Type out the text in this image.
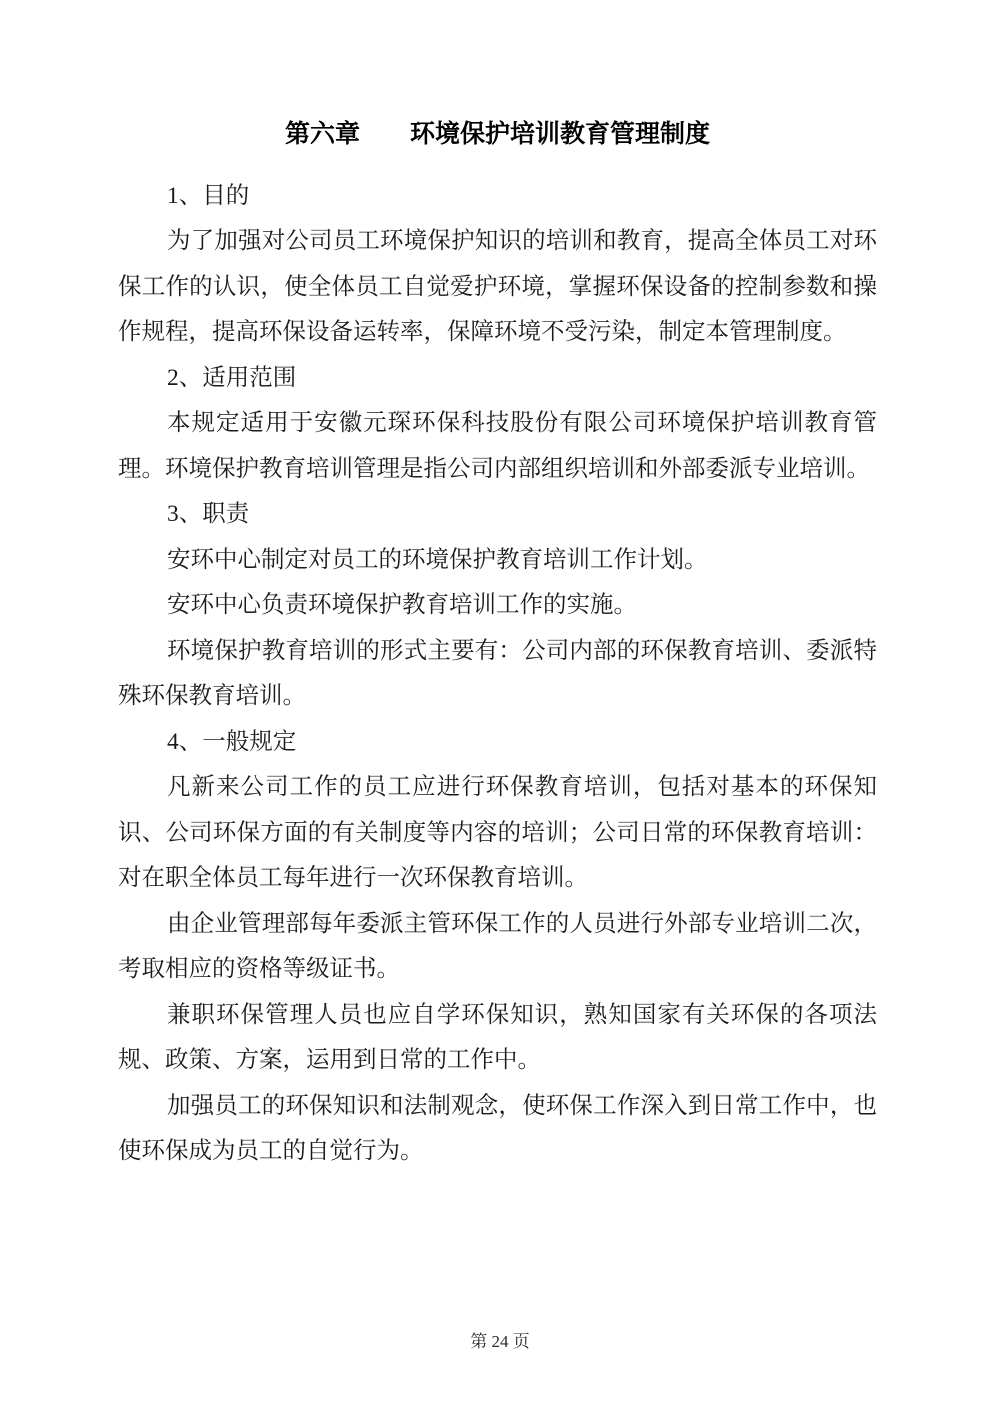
第六章 环境保护培训教育管理制度

1、目的

为了加强对公司员工环境保护知识的培训和教育，提高全体员工对环保工作的认识，使全体员工自觉爱护环境，掌握环保设备的控制参数和操作规程，提高环保设备运转率，保障环境不受污染，制定本管理制度。

2、适用范围

本规定适用于安徽元琛环保科技股份有限公司环境保护培训教育管理。环境保护教育培训管理是指公司内部组织培训和外部委派专业培训。

3、职责

安环中心制定对员工的环境保护教育培训工作计划。

安环中心负责环境保护教育培训工作的实施。

环境保护教育培训的形式主要有：公司内部的环保教育培训、委派特殊环保教育培训。

4、一般规定

凡新来公司工作的员工应进行环保教育培训，包括对基本的环保知识、公司环保方面的有关制度等内容的培训；公司日常的环保教育培训：对在职全体员工每年进行一次环保教育培训。

由企业管理部每年委派主管环保工作的人员进行外部专业培训二次，考取相应的资格等级证书。

兼职环保管理人员也应自学环保知识，熟知国家有关环保的各项法规、政策、方案，运用到日常的工作中。

加强员工的环保知识和法制观念，使环保工作深入到日常工作中，也使环保成为员工的自觉行为。

第 24 页
